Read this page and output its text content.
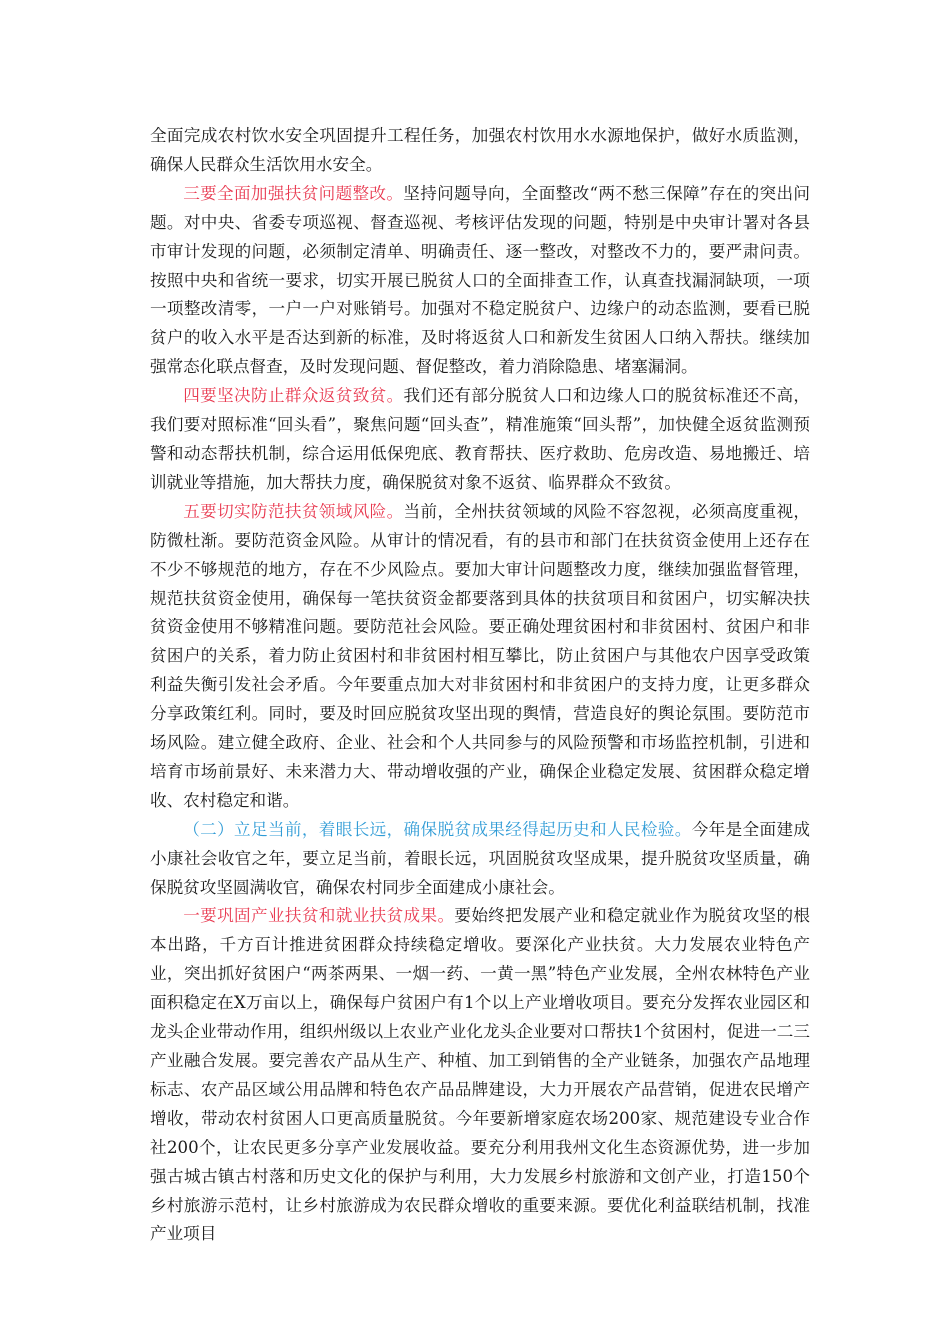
全面完成农村饮水安全巩固提升工程任务，加强农村饮用水水源地保护，做好水质监测，确保人民群众生活饮用水安全。

三要全面加强扶贫问题整改。坚持问题导向，全面整改“两不愁三保障”存在的突出问题。对中央、省委专项巡视、督查巡视、考核评估发现的问题，特别是中央审计署对各县市审计发现的问题，必须制定清单、明确责任、逐一整改，对整改不力的，要严肃问责。按照中央和省统一要求，切实开展已脱贫人口的全面排查工作，认真查找漏洞缺项，一项一项整改清零，一户一户对账销号。加强对不稳定脱贫户、边缘户的动态监测，要看已脱贫户的收入水平是否达到新的标准，及时将返贫人口和新发生贫困人口纳入帮扶。继续加强常态化联点督查，及时发现问题、督促整改，着力消除隐患、堵塞漏洞。

四要坚决防止群众返贫致贫。我们还有部分脱贫人口和边缘人口的脱贫标准还不高，我们要对照标准“回头看”，聚焦问题“回头查”，精准施策“回头帮”，加快健全返贫监测预警和动态帮扶机制，综合运用低保兜底、教育帮扶、医疗救助、危房改造、易地搬迁、培训就业等措施，加大帮扶力度，确保脱贫对象不返贫、临界群众不致贫。

五要切实防范扶贫领域风险。当前，全州扶贫领域的风险不容忽视，必须高度重视，防微杜渐。要防范资金风险。从审计的情况看，有的县市和部门在扶贫资金使用上还存在不少不够规范的地方，存在不少风险点。要加大审计问题整改力度，继续加强监督管理，规范扶贫资金使用，确保每一笔扶贫资金都要落到具体的扶贫项目和贫困户，切实解决扶贫资金使用不够精准问题。要防范社会风险。要正确处理贫困村和非贫困村、贫困户和非贫困户的关系，着力防止贫困村和非贫困村相互攀比，防止贫困户与其他农户因享受政策利益失衡引发社会矛盾。今年要重点加大对非贫困村和非贫困户的支持力度，让更多群众分享政策红利。同时，要及时回应脱贫攻坚出现的舆情，营造良好的舆论氛围。要防范市场风险。建立健全政府、企业、社会和个人共同参与的风险预警和市场监控机制，引进和培育市场前景好、未来潜力大、带动增收强的产业，确保企业稳定发展、贫困群众稳定增收、农村稳定和谐。

（二）立足当前，着眼长远，确保脱贫成果经得起历史和人民检验。今年是全面建成小康社会收官之年，要立足当前，着眼长远，巩固脱贫攻坚成果，提升脱贫攻坚质量，确保脱贫攻坚圆满收官，确保农村同步全面建成小康社会。

一要巩固产业扶贫和就业扶贫成果。要始终把发展产业和稳定就业作为脱贫攻坚的根本出路，千方百计推进贫困群众持续稳定增收。要深化产业扶贫。大力发展农业特色产业，突出抓好贫困户“两茶两果、一烟一药、一黄一黑”特色产业发展，全州农林特色产业面积稳定在X万亩以上，确保每户贫困户有1个以上产业增收项目。要充分发挥农业园区和龙头企业带动作用，组织州级以上农业产业化龙头企业要对口帮扶1个贫困村，促进一二三产业融合发展。要完善农产品从生产、种植、加工到销售的全产业链条，加强农产品地理标志、农产品区域公用品牌和特色农产品品牌建设，大力开展农产品营销，促进农民增产增收，带动农村贫困人口更高质量脱贫。今年要新增家庭农场200家、规范建设专业合作社200个，让农民更多分享产业发展收益。要充分利用我州文化生态资源优势，进一步加强古城古镇古村落和历史文化的保护与利用，大力发展乡村旅游和文创产业，打造150个乡村旅游示范村，让乡村旅游成为农民群众增收的重要来源。要优化利益联结机制，找准产业项目
